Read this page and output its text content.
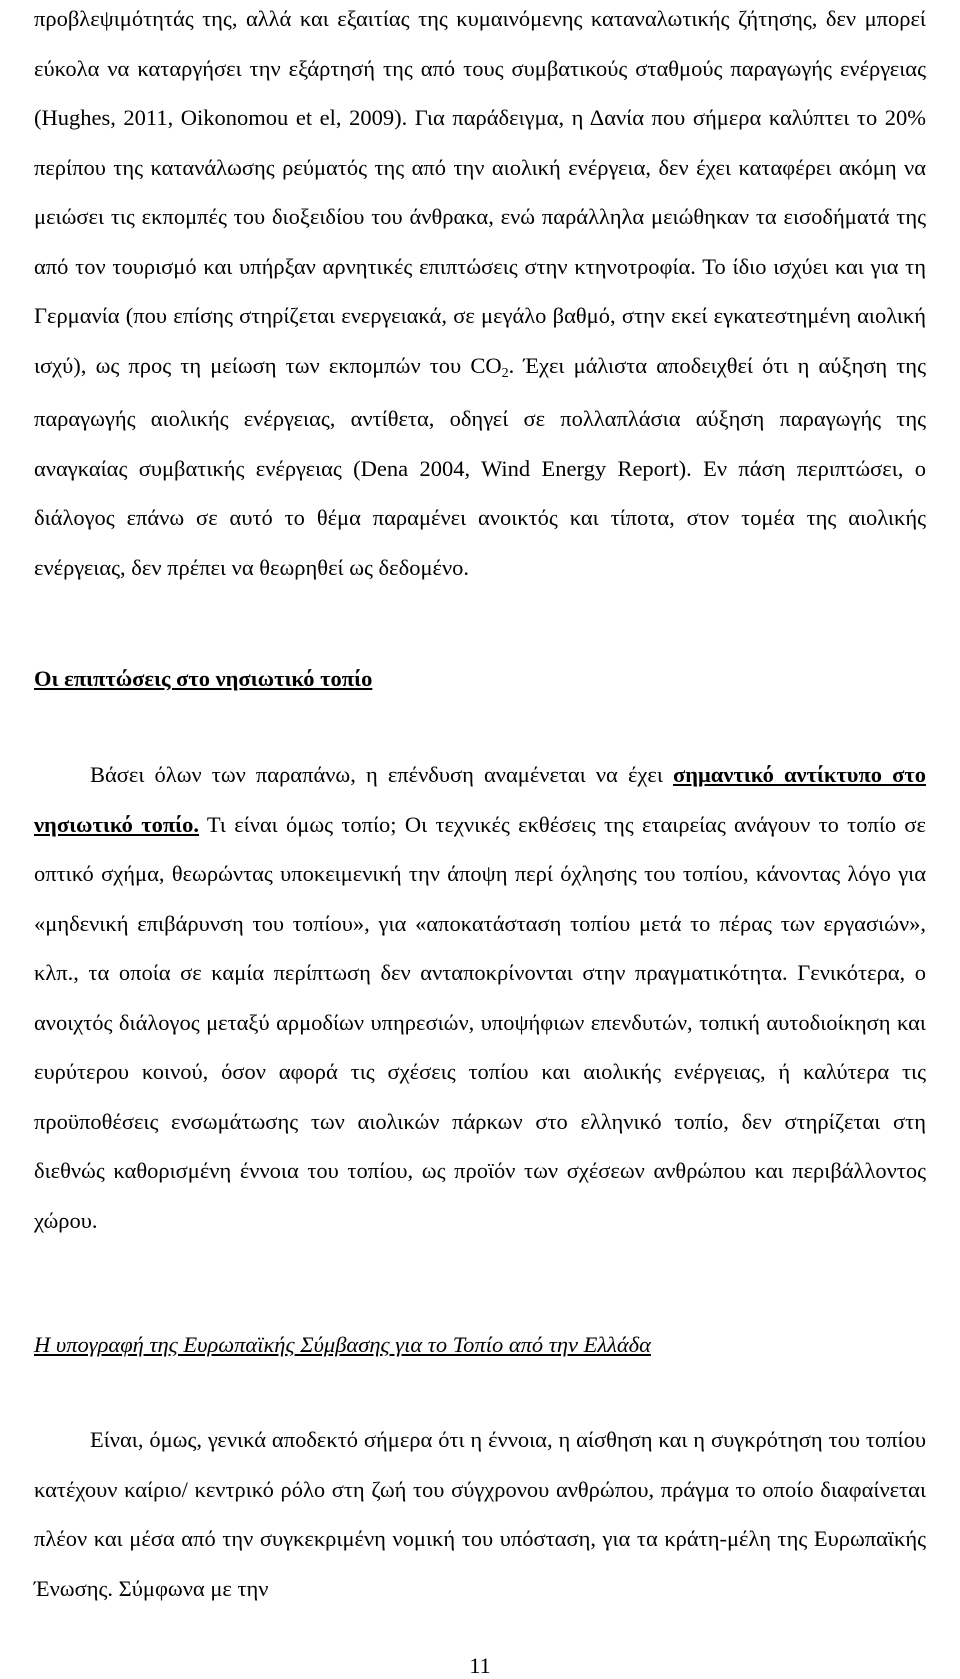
προβλεψιμότητάς της, αλλά και εξαιτίας της κυμαινόμενης καταναλωτικής ζήτησης, δεν μπορεί εύκολα να καταργήσει την εξάρτησή της από τους συμβατικούς σταθμούς παραγωγής ενέργειας (Hughes, 2011, Oikonomou et el, 2009). Για παράδειγμα, η Δανία που σήμερα καλύπτει το 20% περίπου της κατανάλωσης ρεύματός της από την αιολική ενέργεια, δεν έχει καταφέρει ακόμη να μειώσει τις εκπομπές του διοξειδίου του άνθρακα, ενώ παράλληλα μειώθηκαν τα εισοδήματά της από τον τουρισμό και υπήρξαν αρνητικές επιπτώσεις στην κτηνοτροφία. Το ίδιο ισχύει και για τη Γερμανία (που επίσης στηρίζεται ενεργειακά, σε μεγάλο βαθμό, στην εκεί εγκατεστημένη αιολική ισχύ), ως προς τη μείωση των εκπομπών του $CO_2$. Έχει μάλιστα αποδειχθεί ότι η αύξηση της παραγωγής αιολικής ενέργειας, αντίθετα, οδηγεί σε πολλαπλάσια αύξηση παραγωγής της αναγκαίας συμβατικής ενέργειας (Dena 2004, Wind Energy Report). Εν πάση περιπτώσει, ο διάλογος επάνω σε αυτό το θέμα παραμένει ανοικτός και τίποτα, στον τομέα της αιολικής ενέργειας, δεν πρέπει να θεωρηθεί ως δεδομένο.

Οι επιπτώσεις στο νησιωτικό τοπίο

Βάσει όλων των παραπάνω, η επένδυση αναμένεται να έχει σημαντικό αντίκτυπο στο νησιωτικό τοπίο. Τι είναι όμως τοπίο; Οι τεχνικές εκθέσεις της εταιρείας ανάγουν το τοπίο σε οπτικό σχήμα, θεωρώντας υποκειμενική την άποψη περί όχλησης του τοπίου, κάνοντας λόγο για «μηδενική επιβάρυνση του τοπίου», για «αποκατάσταση τοπίου μετά το πέρας των εργασιών», κλπ., τα οποία σε καμία περίπτωση δεν ανταποκρίνονται στην πραγματικότητα. Γενικότερα, ο ανοιχτός διάλογος μεταξύ αρμοδίων υπηρεσιών, υποψήφιων επενδυτών, τοπική αυτοδιοίκηση και ευρύτερου κοινού, όσον αφορά τις σχέσεις τοπίου και αιολικής ενέργειας, ή καλύτερα τις προϋποθέσεις ενσωμάτωσης των αιολικών πάρκων στο ελληνικό τοπίο, δεν στηρίζεται στη διεθνώς καθορισμένη έννοια του τοπίου, ως προϊόν των σχέσεων ανθρώπου και περιβάλλοντος χώρου.

Η υπογραφή της Ευρωπαϊκής Σύμβασης για το Τοπίο από την Ελλάδα

Είναι, όμως, γενικά αποδεκτό σήμερα ότι η έννοια, η αίσθηση και η συγκρότηση του τοπίου κατέχουν καίριο/ κεντρικό ρόλο στη ζωή του σύγχρονου ανθρώπου, πράγμα το οποίο διαφαίνεται πλέον και μέσα από την συγκεκριμένη νομική του υπόσταση, για τα κράτη-μέλη της Ευρωπαϊκής Ένωσης. Σύμφωνα με την

11
